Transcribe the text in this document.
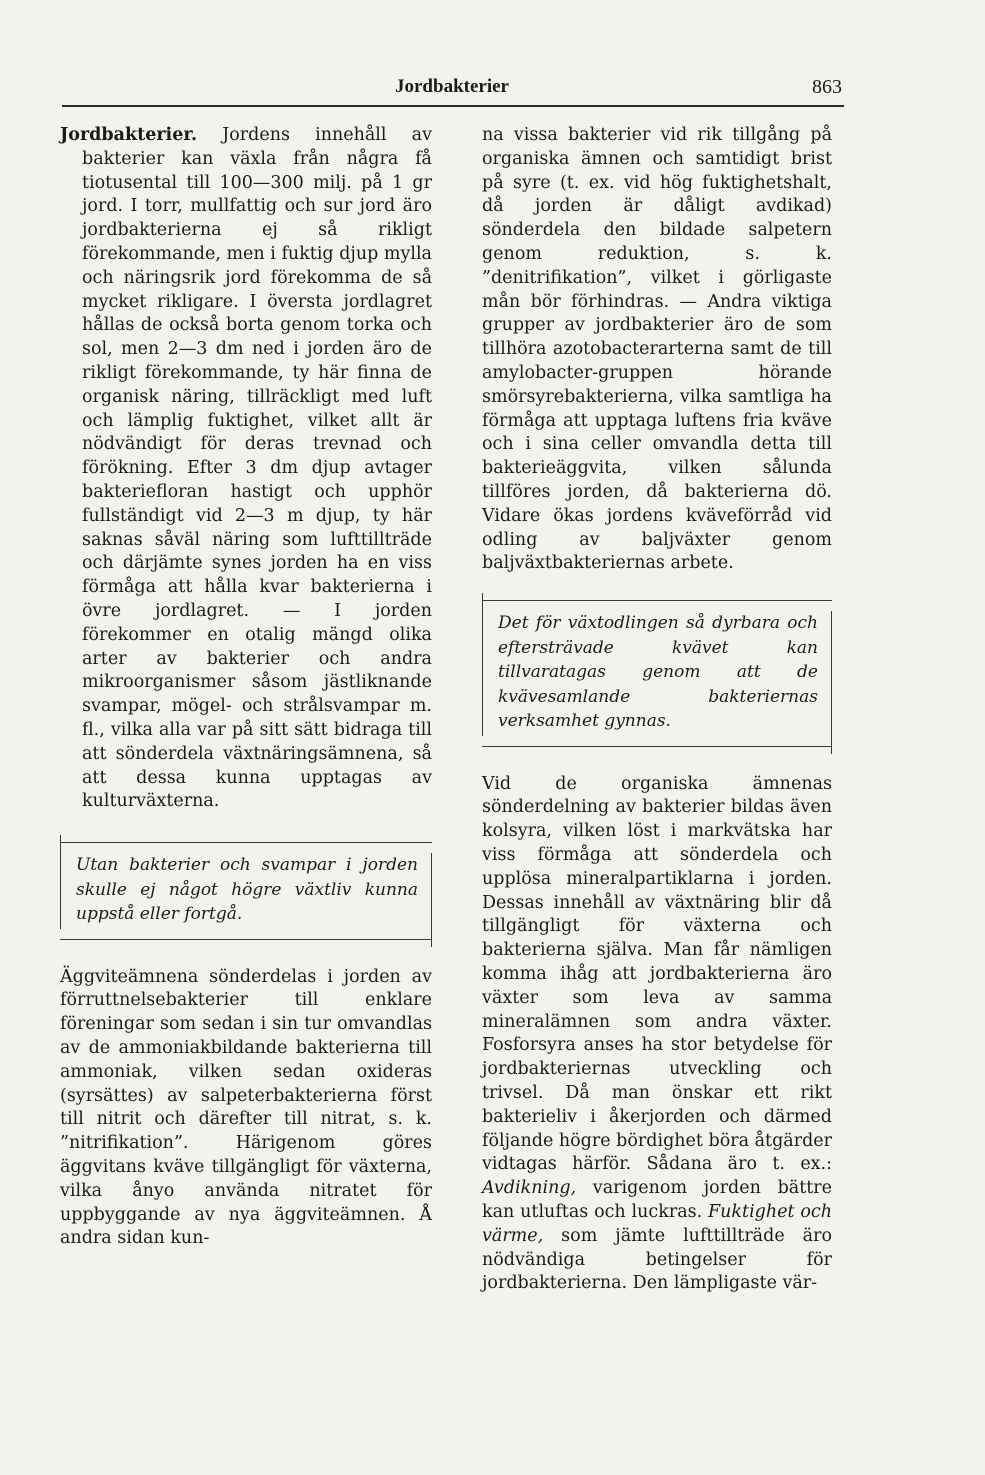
Jordbakterier	863

Jordbakterier. Jordens innehåll av bakterier kan växla från några få tiotusental till 100—300 milj. på 1 gr jord. I torr, mullfattig och sur jord äro jordbakterierna ej så rikligt förekommande, men i fuktig djup mylla och näringsrik jord förekomma de så mycket rikligare. I översta jordlagret hållas de också borta genom torka och sol, men 2—3 dm ned i jorden äro de rikligt förekommande, ty här finna de organisk näring, tillräckligt med luft och lämplig fuktighet, vilket allt är nödvändigt för deras trevnad och förökning. Efter 3 dm djup avtager bakteriefloran hastigt och upphör fullständigt vid 2—3 m djup, ty här saknas såväl näring som lufttillträde och därjämte synes jorden ha en viss förmåga att hålla kvar bakterierna i övre jordlagret. — I jorden förekommer en otalig mängd olika arter av bakterier och andra mikroorganismer såsom jästliknande svampar, mögel- och strålsvampar m. fl., vilka alla var på sitt sätt bidraga till att sönderdela växtnäringsämnena, så att dessa kunna upptagas av kulturväxterna.

Utan bakterier och svampar i jorden skulle ej något högre växtliv kunna uppstå eller fortgå.

Äggviteämnena sönderdelas i jorden av förruttnelsebakterier till enklare föreningar som sedan i sin tur omvandlas av de ammoniakbildande bakterierna till ammoniak, vilken sedan oxideras (syrsättes) av salpeterbakterierna först till nitrit och därefter till nitrat, s. k. ”nitrifikation”. Härigenom göres äggvitans kväve tillgängligt för växterna, vilka ånyo använda nitratet för uppbyggande av nya äggviteämnen. Å andra sidan kun-

na vissa bakterier vid rik tillgång på organiska ämnen och samtidigt brist på syre (t. ex. vid hög fuktighetshalt, då jorden är dåligt avdikad) sönderdela den bildade salpetern genom reduktion, s. k. ”denitrifikation”, vilket i görligaste mån bör förhindras. — Andra viktiga grupper av jordbakterier äro de som tillhöra azotobacterarterna samt de till amylobacter-gruppen hörande smörsyrebakterierna, vilka samtliga ha förmåga att upptaga luftens fria kväve och i sina celler omvandla detta till bakterieäggvita, vilken sålunda tillföres jorden, då bakterierna dö. Vidare ökas jordens kväveförråd vid odling av baljväxter genom baljväxtbakteriernas arbete.

Det för växtodlingen så dyrbara och eftersträvade kvävet kan tillvaratagas genom att de kvävesamlande bakteriernas verksamhet gynnas.

Vid de organiska ämnenas sönderdelning av bakterier bildas även kolsyra, vilken löst i markvätska har viss förmåga att sönderdela och upplösa mineralpartiklarna i jorden. Dessas innehåll av växtnäring blir då tillgängligt för växterna och bakterierna själva. Man får nämligen komma ihåg att jordbakterierna äro växter som leva av samma mineralämnen som andra växter. Fosforsyra anses ha stor betydelse för jordbakteriernas utveckling och trivsel. Då man önskar ett rikt bakterieliv i åkerjorden och därmed följande högre bördighet böra åtgärder vidtagas härför. Sådana äro t. ex.: Avdikning, varigenom jorden bättre kan utluftas och luckras. Fuktighet och värme, som jämte lufttillträde äro nödvändiga betingelser för jordbakterierna. Den lämpligaste vär-
